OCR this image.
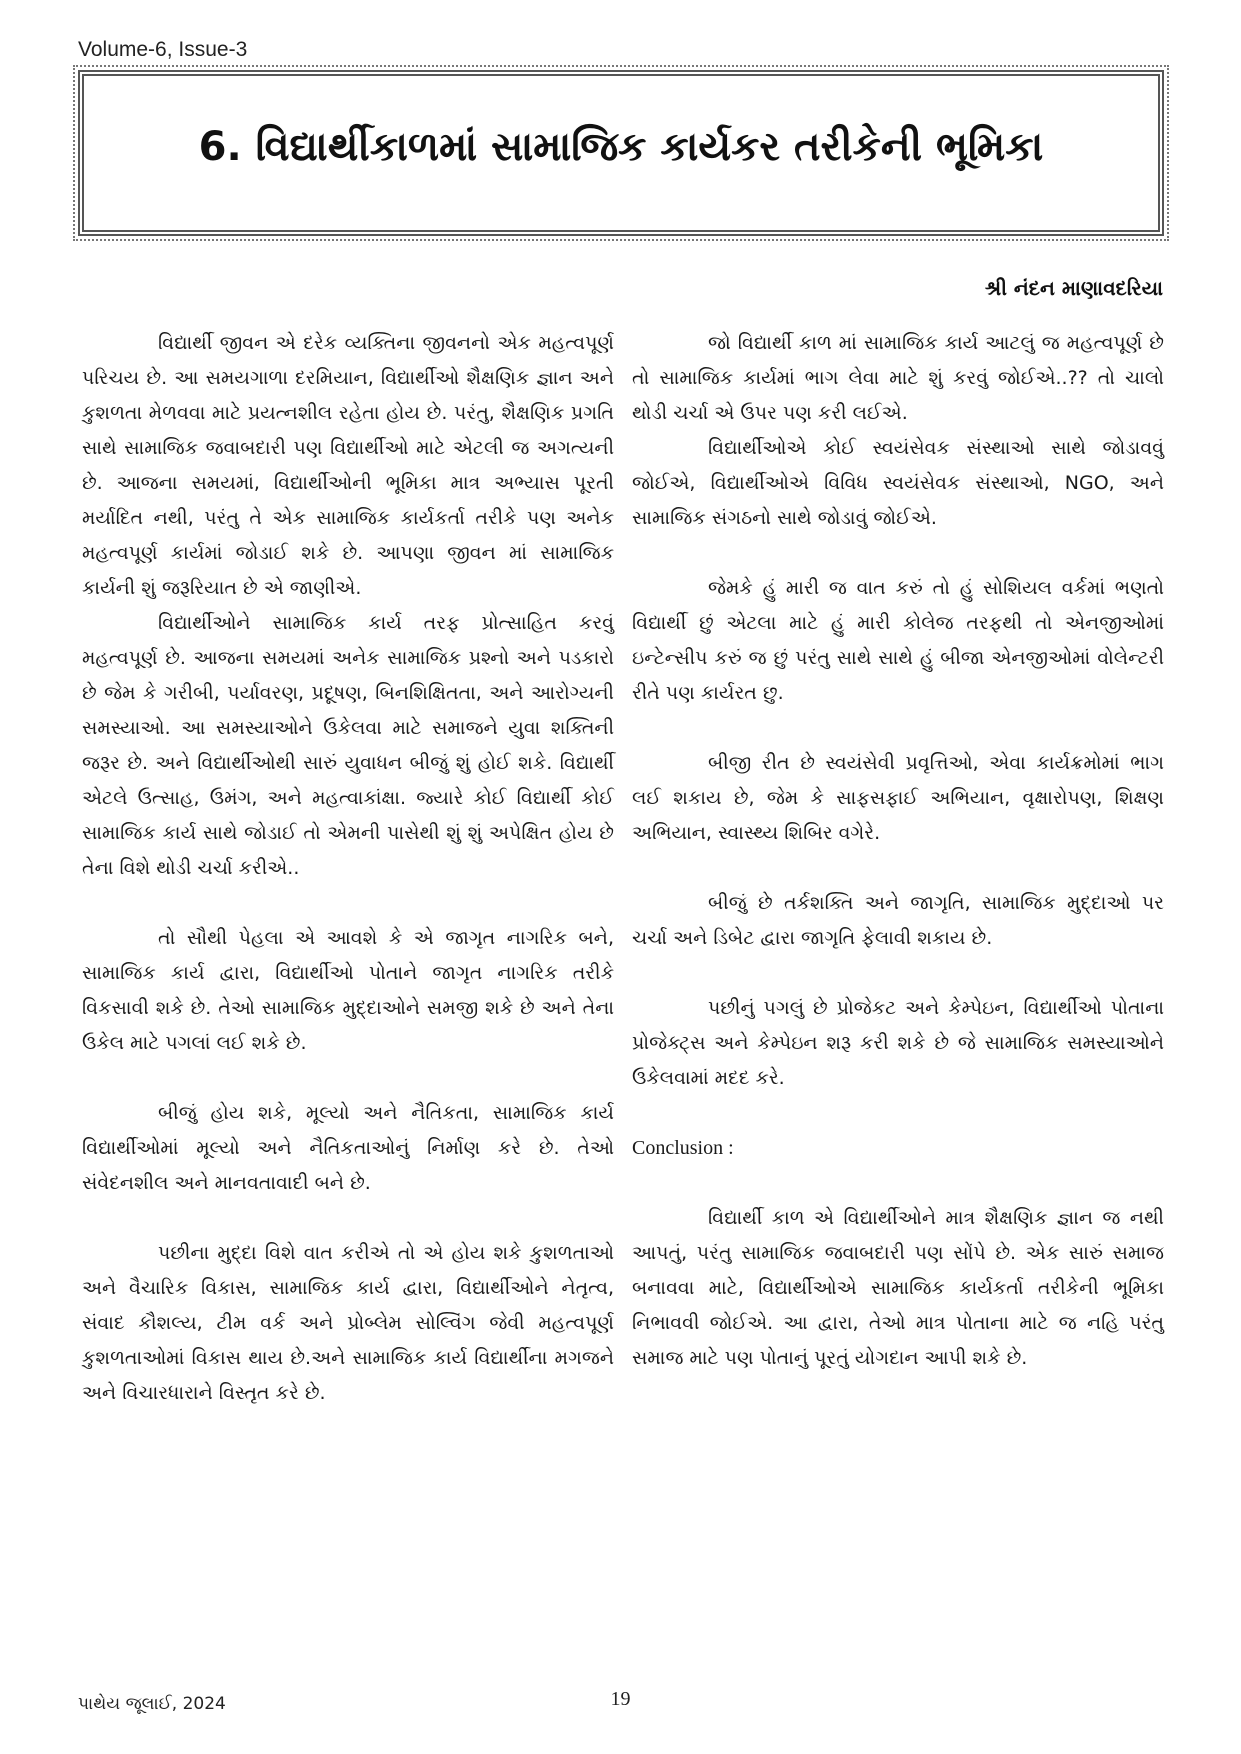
Volume-6, Issue-3
6. વિદ્યાર્થીકાળમાં સામાજિક કાર્યકર તરીકેની ભૂમિકા
શ્રી નંદન માણાવદરિયા

વિદ્યાર્થી જીવન એ દરેક વ્યક્તિના જીવનનો એક મહત્વપૂર્ણ પરિચય છે. આ સમયગાળા દરમિયાન, વિદ્યાર્થીઓ શૈક્ષણિક જ્ઞાન અને કુશળતા મેળવવા માટે પ્રયત્નશીલ રહેતા હોય છે. પરંતુ, શૈક્ષણિક પ્રગતિ સાથે સામાજિક જવાબદારી પણ વિદ્યાર્થીઓ માટે એટલી જ અગત્યની છે. આજના સમયમાં, વિદ્યાર્થીઓની ભૂમિકા માત્ર અભ્યાસ પૂરતી મર્યાદિત નથી, પરંતુ તે એક સામાજિક કાર્યકર્તા તરીકે પણ અનેક મહત્વપૂર્ણ કાર્યમાં જોડાઈ શકે છે. આપણા જીવન માં સામાજિક કાર્યની શું જરૂરિયાત છે એ જાણીએ.

વિદ્યાર્થીઓને સામાજિક કાર્ય તરફ પ્રોત્સાહિત કરવું મહત્વપૂર્ણ છે. આજના સમયમાં અનેક સામાજિક પ્રશ્નો અને પડકારો છે જેમ કે ગરીબી, પર્યાવરણ, પ્રદૂષણ, બિનશિક્ષિતતા, અને આરોગ્યની સમસ્યાઓ. આ સમસ્યાઓને ઉકેલવા માટે સમાજને યુવા શક્તિની જરૂર છે. અને વિદ્યાર્થીઓથી સારું યુવાધન બીજું શું હોઈ શકે. વિદ્યાર્થી એટલે ઉત્સાહ, ઉમંગ, અને મહત્વાકાંક્ષા. જ્યારે કોઈ વિદ્યાર્થી કોઈ સામાજિક કાર્ય સાથે જોડાઈ તો એમની પાસેથી શું શું અપેક્ષિત હોય છે તેના વિશે થોડી ચર્ચા કરીએ..

તો સૌથી પેહલા એ આવશે કે એ જાગૃત નાગરિક બને, સામાજિક કાર્ય દ્વારા, વિદ્યાર્થીઓ પોતાને જાગૃત નાગરિક તરીકે વિકસાવી શકે છે. તેઓ સામાજિક મુદ્દાઓને સમજી શકે છે અને તેના ઉકેલ માટે પગલાં લઈ શકે છે.

બીજું હોય શકે, મૂલ્યો અને નૈતિકતા, સામાજિક કાર્ય વિદ્યાર્થીઓમાં મૂલ્યો અને નૈતિકતાઓનું નિર્માણ કરે છે. તેઓ સંવેદનશીલ અને માનવતાવાદી બને છે.

પછીના મુદ્દા વિશે વાત કરીએ તો એ હોય શકે કુશળતાઓ અને વૈચારિક વિકાસ, સામાજિક કાર્ય દ્વારા, વિદ્યાર્થીઓને નેતૃત્વ, સંવાદ કૌશલ્ય, ટીમ વર્ક અને પ્રોબ્લેમ સોલ્વિંગ જેવી મહત્વપૂર્ણ કુશળતાઓમાં વિકાસ થાય છે.અને સામાજિક કાર્ય વિદ્યાર્થીના મગજને અને વિચારધારાને વિસ્તૃત કરે છે.

જો વિદ્યાર્થી કાળ માં સામાજિક કાર્ય આટલું જ મહત્વપૂર્ણ છે તો સામાજિક કાર્યમાં ભાગ લેવા માટે શું કરવું જોઈએ..?? તો ચાલો થોડી ચર્ચા એ ઉપર પણ કરી લઈએ.

વિદ્યાર્થીઓએ કોઈ સ્વયંસેવક સંસ્થાઓ સાથે જોડાવવું જોઈએ, વિદ્યાર્થીઓએ વિવિધ સ્વયંસેવક સંસ્થાઓ, NGO, અને સામાજિક સંગઠનો સાથે જોડાવું જોઈએ.

જેમકે હું મારી જ વાત કરું તો હું સોશિયલ વર્કમાં ભણતો વિદ્યાર્થી છું એટલા માટે હું મારી કોલેજ તરફથી તો એનજીઓમાં ઇન્ટેન્સીપ કરું જ છું પરંતુ સાથે સાથે હું બીજા એનજીઓમાં વોલેન્ટરી રીતે પણ કાર્યરત છુ.

બીજી રીત છે સ્વયંસેવી પ્રવૃત્તિઓ, એવા કાર્યક્રમોમાં ભાગ લઈ શકાય છે, જેમ કે સાફસફાઈ અભિયાન, વૃક્ષારોપણ, શિક્ષણ અભિયાન, સ્વાસ્થ્ય શિબિર વગેરે.

બીજું છે તર્કશક્તિ અને જાગૃતિ, સામાજિક મુદ્દાઓ પર ચર્ચા અને ડિબેટ દ્વારા જાગૃતિ ફેલાવી શકાય છે.

પછીનું પગલું છે પ્રોજેકટ અને કેમ્પેઇન, વિદ્યાર્થીઓ પોતાના પ્રોજેક્ટ્સ અને કેમ્પેઇન શરૂ કરી શકે છે જે સામાજિક સમસ્યાઓને ઉકેલવામાં મદદ કરે.

Conclusion :

વિદ્યાર્થી કાળ એ વિદ્યાર્થીઓને માત્ર શૈક્ષણિક જ્ઞાન જ નથી આપતું, પરંતુ સામાજિક જવાબદારી પણ સોંપે છે. એક સારું સમાજ બનાવવા માટે, વિદ્યાર્થીઓએ સામાજિક કાર્યકર્તા તરીકેની ભૂમિકા નિભાવવી જોઈએ. આ દ્વારા, તેઓ માત્ર પોતાના માટે જ નહિ પરંતુ સમાજ માટે પણ પોતાનું પૂરતું યોગદાન આપી શકે છે.

પાથેય જૂલાઈ, 2024	19
